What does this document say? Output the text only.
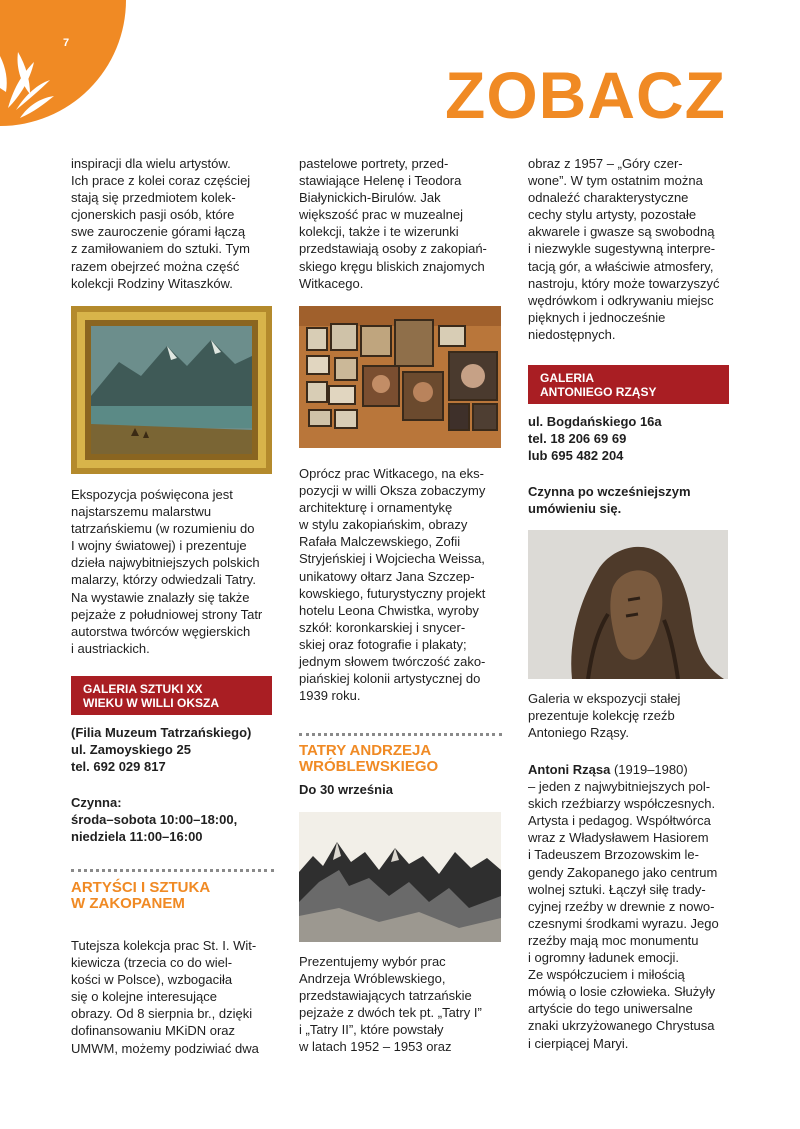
7
ZOBACZ

inspiracji dla wielu artystów.
Ich prace z kolei coraz częściej
stają się przedmiotem kolek-
cjonerskich pasji osób, które
swe zauroczenie górami łączą
z zamiłowaniem do sztuki. Tym
razem obejrzeć można część
kolekcji Rodziny Witaszków.

Ekspozycja poświęcona jest
najstarszemu malarstwu
tatrzańskiemu (w rozumieniu do
I wojny światowej) i prezentuje
dzieła najwybitniejszych polskich
malarzy, którzy odwiedzali Tatry.
Na wystawie znalazły się także
pejzaże z południowej strony Tatr
autorstwa twórców węgierskich
i austriackich.

GALERIA SZTUKI XX
WIEKU W WILLI OKSZA
(Filia Muzeum Tatrzańskiego)
ul. Zamoyskiego 25
tel. 692 029 817
Czynna:
środa–sobota 10:00–18:00,
niedziela 11:00–16:00
ARTYŚCI I SZTUKA
W ZAKOPANEM
Tutejsza kolekcja prac St. I. Wit-
kiewicza (trzecia co do wiel-
kości w Polsce), wzbogaciła
się o kolejne interesujące
obrazy. Od 8 sierpnia br., dzięki
dofinansowaniu MKiDN oraz
UMWM, możemy podziwiać dwa

pastelowe portrety, przed-
stawiające Helenę i Teodora
Białynickich-Birulów. Jak
większość prac w muzealnej
kolekcji, także i te wizerunki
przedstawiają osoby z zakopiań-
skiego kręgu bliskich znajomych
Witkacego.

Oprócz prac Witkacego, na eks-
pozycji w willi Oksza zobaczymy
architekturę i ornamentykę
w stylu zakopiańskim, obrazy
Rafała Malczewskiego, Zofii
Stryjeńskiej i Wojciecha Weissa,
unikatowy ołtarz Jana Szczep-
kowskiego, futurystyczny projekt
hotelu Leona Chwistka, wyroby
szkół: koronkarskiej i snycer-
skiej oraz fotografie i plakaty;
jednym słowem twórczość zako-
piańskiej kolonii artystycznej do
1939 roku.
TATRY ANDRZEJA
WRÓBLEWSKIEGO
Do 30 września
Prezentujemy wybór prac
Andrzeja Wróblewskiego,
przedstawiających tatrzańskie
pejzaże z dwóch tek pt. „Tatry I”
i „Tatry II”, które powstały
w latach 1952 – 1953 oraz

obraz z 1957 – „Góry czer-
wone”. W tym ostatnim można
odnaleźć charakterystyczne
cechy stylu artysty, pozostałe
akwarele i gwasze są swobodną
i niezwykle sugestywną interpre-
tacją gór, a właściwie atmosfery,
nastroju, który może towarzyszyć
wędrówkom i odkrywaniu miejsc
pięknych i jednocześnie
niedostępnych.

GALERIA
ANTONIEGO RZĄSY
ul. Bogdańskiego 16a
tel. 18 206 69 69
lub 695 482 204
Czynna po wcześniejszym
umówieniu się.
Galeria w ekspozycji stałej
prezentuje kolekcję rzeźb
Antoniego Rząsy.
Antoni Rząsa (1919–1980)
– jeden z najwybitniejszych pol-
skich rzeźbiarzy współczesnych.
Artysta i pedagog. Współtwórca
wraz z Władysławem Hasiorem
i Tadeuszem Brzozowskim le-
gendy Zakopanego jako centrum
wolnej sztuki. Łączył siłę trady-
cyjnej rzeźby w drewnie z nowo-
czesnymi środkami wyrazu. Jego
rzeźby mają moc monumentu
i ogromny ładunek emocji.
Ze współczuciem i miłością
mówią o losie człowieka. Służyły
artyście do tego uniwersalne
znaki ukrzyżowanego Chrystusa
i cierpiącej Maryi.
